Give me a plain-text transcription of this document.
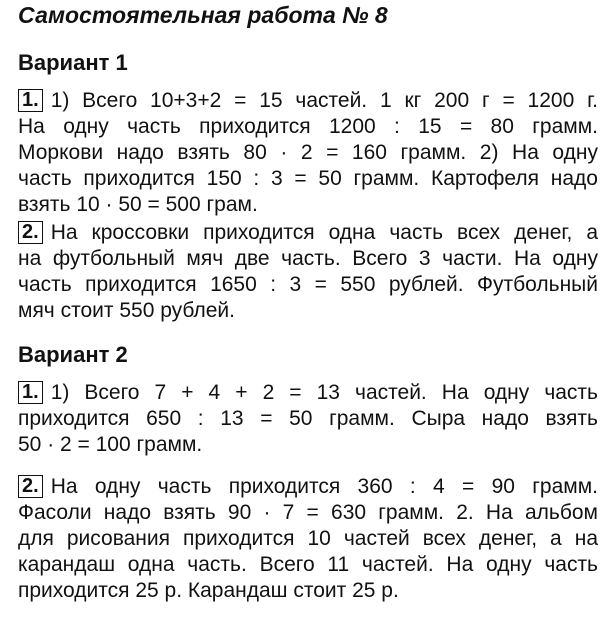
Самостоятельная работа № 8
Вариант 1
1. 1) Всего 10+3+2 = 15 частей. 1 кг 200 г = 1200 г.
На одну часть приходится 1200 : 15 = 80 грамм.
Моркови надо взять 80 · 2 = 160 грамм. 2) На одну
часть приходится 150 : 3 = 50 грамм. Картофеля надо
взять 10 · 50 = 500 грам.
2. На кроссовки приходится одна часть всех денег, а
на футбольный мяч две часть. Всего 3 части. На одну
часть приходится 1650 : 3 = 550 рублей. Футбольный
мяч стоит 550 рублей.
Вариант 2
1. 1) Всего 7 + 4 + 2 = 13 частей. На одну часть
приходится 650 : 13 = 50 грамм. Сыра надо взять
50 · 2 = 100 грамм.
2. На одну часть приходится 360 : 4 = 90 грамм.
Фасоли надо взять 90 · 7 = 630 грамм. 2. На альбом
для рисования приходится 10 частей всех денег, а на
карандаш одна часть. Всего 11 частей. На одну часть
приходится 25 р. Карандаш стоит 25 р.
